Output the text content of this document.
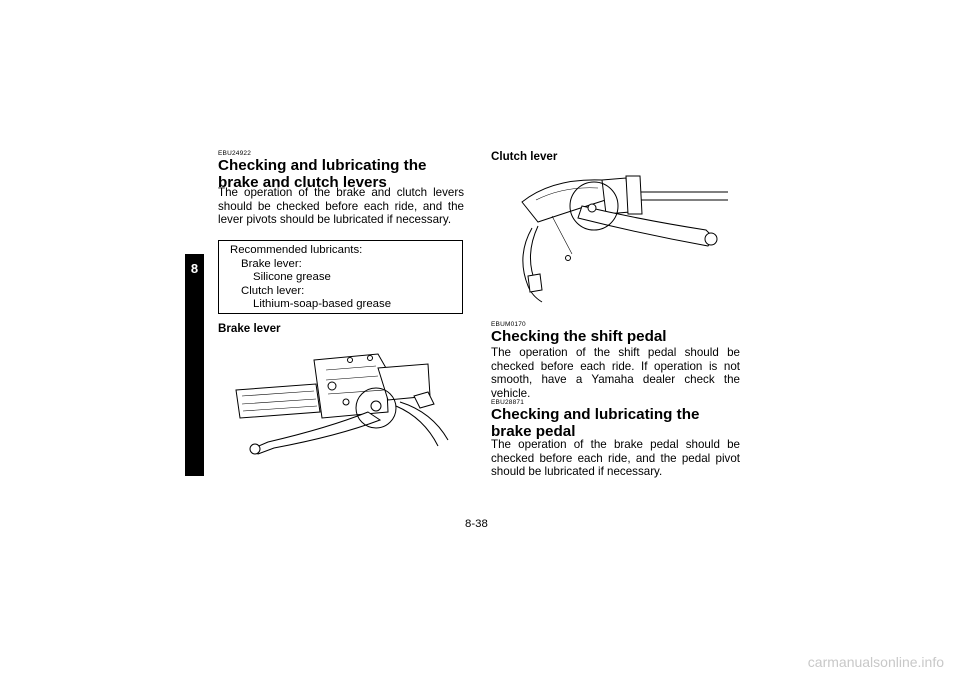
8
EBU24922
Checking and lubricating the brake and clutch levers
The operation of the brake and clutch levers should be checked before each ride, and the lever pivots should be lubricated if necessary.
Recommended lubricants:
Brake lever:
Silicone grease
Clutch lever:
Lithium-soap-based grease
Brake lever
Clutch lever
EBUM0170
Checking the shift pedal
The operation of the shift pedal should be checked before each ride. If operation is not smooth, have a Yamaha dealer check the vehicle.
EBU28871
Checking and lubricating the brake pedal
The operation of the brake pedal should be checked before each ride, and the pedal pivot should be lubricated if necessary.
8-38
carmanualsonline.info
